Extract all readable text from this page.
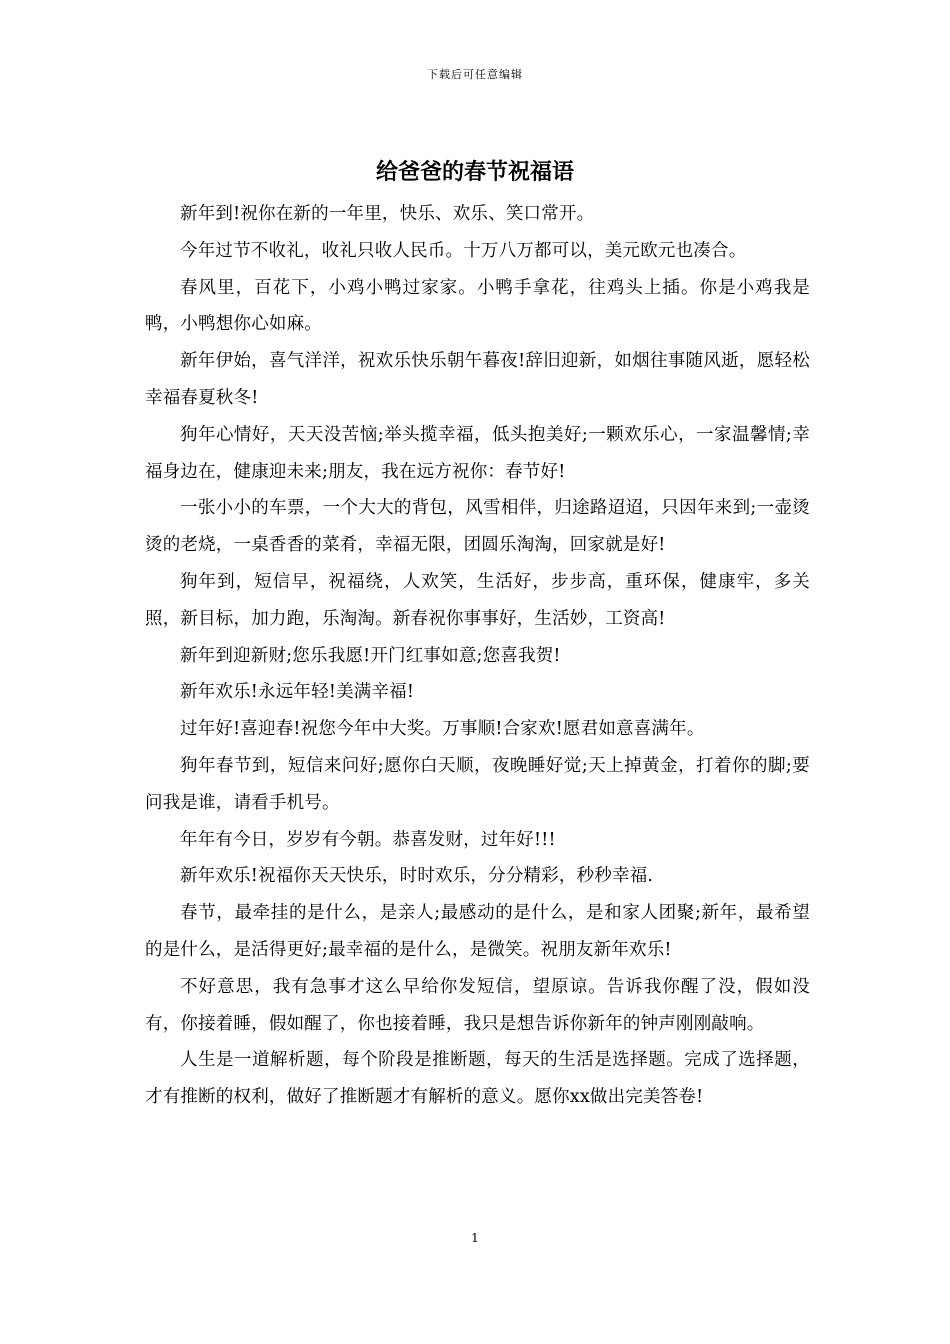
下载后可任意编辑
给爸爸的春节祝福语

新年到!祝你在新的一年里，快乐、欢乐、笑口常开。

今年过节不收礼，收礼只收人民币。十万八万都可以，美元欧元也凑合。

春风里，百花下，小鸡小鸭过家家。小鸭手拿花，往鸡头上插。你是小鸡我是鸭，小鸭想你心如麻。

新年伊始，喜气洋洋，祝欢乐快乐朝午暮夜!辞旧迎新，如烟往事随风逝，愿轻松幸福春夏秋冬!

狗年心情好，天天没苦恼;举头揽幸福，低头抱美好;一颗欢乐心，一家温馨情;幸福身边在，健康迎未来;朋友，我在远方祝你：春节好!

一张小小的车票，一个大大的背包，风雪相伴，归途路迢迢，只因年来到;一壶烫烫的老烧，一桌香香的菜肴，幸福无限，团圆乐淘淘，回家就是好!

狗年到，短信早，祝福绕，人欢笑，生活好，步步高，重环保，健康牢，多关照，新目标，加力跑，乐淘淘。新春祝你事事好，生活妙，工资高!

新年到迎新财;您乐我愿!开门红事如意;您喜我贺!

新年欢乐!永远年轻!美满辛福!

过年好!喜迎春!祝您今年中大奖。万事顺!合家欢!愿君如意喜满年。

狗年春节到，短信来问好;愿你白天顺，夜晚睡好觉;天上掉黄金，打着你的脚;要问我是谁，请看手机号。

年年有今日，岁岁有今朝。恭喜发财，过年好!!!

新年欢乐!祝福你天天快乐，时时欢乐，分分精彩，秒秒幸福.

春节，最牵挂的是什么，是亲人;最感动的是什么，是和家人团聚;新年，最希望的是什么，是活得更好;最幸福的是什么，是微笑。祝朋友新年欢乐!

不好意思，我有急事才这么早给你发短信，望原谅。告诉我你醒了没，假如没有，你接着睡，假如醒了，你也接着睡，我只是想告诉你新年的钟声刚刚敲响。

人生是一道解析题，每个阶段是推断题，每天的生活是选择题。完成了选择题，才有推断的权利，做好了推断题才有解析的意义。愿你xx做出完美答卷!

1
